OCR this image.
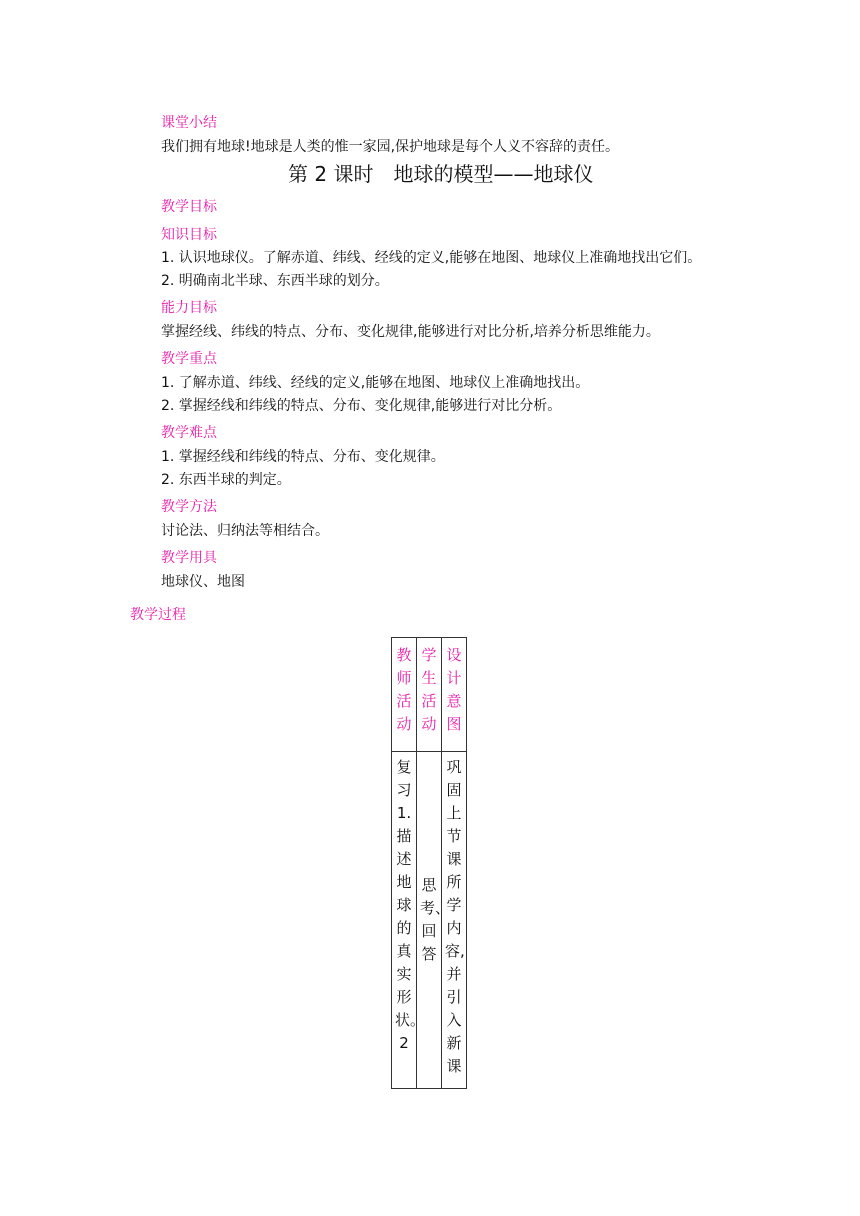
课堂小结
我们拥有地球!地球是人类的惟一家园,保护地球是每个人义不容辞的责任。
第 2 课时　地球的模型——地球仪
教学目标
知识目标
1. 认识地球仪。了解赤道、纬线、经线的定义,能够在地图、地球仪上准确地找出它们。
2. 明确南北半球、东西半球的划分。
能力目标
掌握经线、纬线的特点、分布、变化规律,能够进行对比分析,培养分析思维能力。
教学重点
1. 了解赤道、纬线、经线的定义,能够在地图、地球仪上准确地找出。
2. 掌握经线和纬线的特点、分布、变化规律,能够进行对比分析。
教学难点
1. 掌握经线和纬线的特点、分布、变化规律。
2. 东西半球的判定。
教学方法
讨论法、归纳法等相结合。
教学用具
地球仪、地图
教学过程
教师活动	学生活动	设计意图
复习1.描述地球的真实形状。2	思考、回答	巩固上节课所学内容,并引入新课
